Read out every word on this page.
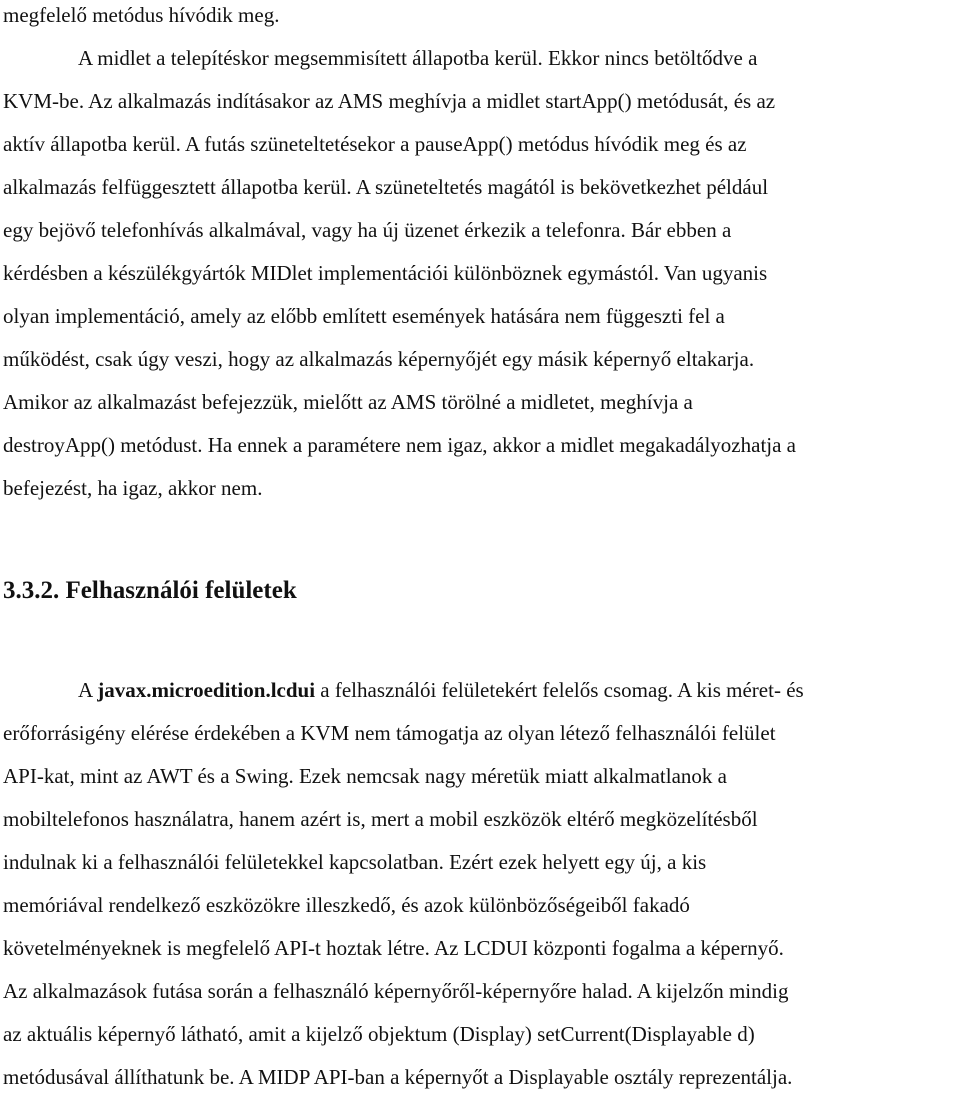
megfelelő metódus hívódik meg.
A midlet a telepítéskor megsemmisített állapotba kerül. Ekkor nincs betöltődve a
KVM-be. Az alkalmazás indításakor az AMS meghívja a midlet startApp() metódusát, és az
aktív állapotba kerül. A futás szüneteltetésekor a pauseApp() metódus hívódik meg és az
alkalmazás felfüggesztett állapotba kerül. A szüneteltetés magától is bekövetkezhet például
egy bejövő telefonhívás alkalmával, vagy ha új üzenet érkezik a telefonra. Bár ebben a
kérdésben a készülékgyártók MIDlet implementációi különböznek egymástól. Van ugyanis
olyan implementáció, amely az előbb említett események hatására nem függeszti fel a
működést, csak úgy veszi, hogy az alkalmazás képernyőjét egy másik képernyő eltakarja.
Amikor az alkalmazást befejezzük, mielőtt az AMS törölné a midletet, meghívja a
destroyApp() metódust. Ha ennek a paramétere nem igaz, akkor a midlet megakadályozhatja a
befejezést, ha igaz, akkor nem.
3.3.2. Felhasználói felületek
A javax.microedition.lcdui a felhasználói felületekért felelős csomag. A kis méret- és
erőforrásigény elérése érdekében a KVM nem támogatja az olyan létező felhasználói felület
API-kat, mint az AWT és a Swing. Ezek nemcsak nagy méretük miatt alkalmatlanok a
mobiltelefonos használatra, hanem azért is, mert a mobil eszközök eltérő megközelítésből
indulnak ki a felhasználói felületekkel kapcsolatban. Ezért ezek helyett egy új, a kis
memóriával rendelkező eszközökre illeszkedő, és azok különbözőségeiből fakadó
követelményeknek is megfelelő API-t hoztak létre. Az LCDUI központi fogalma a képernyő.
Az alkalmazások futása során a felhasználó képernyőről-képernyőre halad. A kijelzőn mindig
az aktuális képernyő látható, amit a kijelző objektum (Display) setCurrent(Displayable d)
metódusával állíthatunk be. A MIDP API-ban a képernyőt a Displayable osztály reprezentálja.
